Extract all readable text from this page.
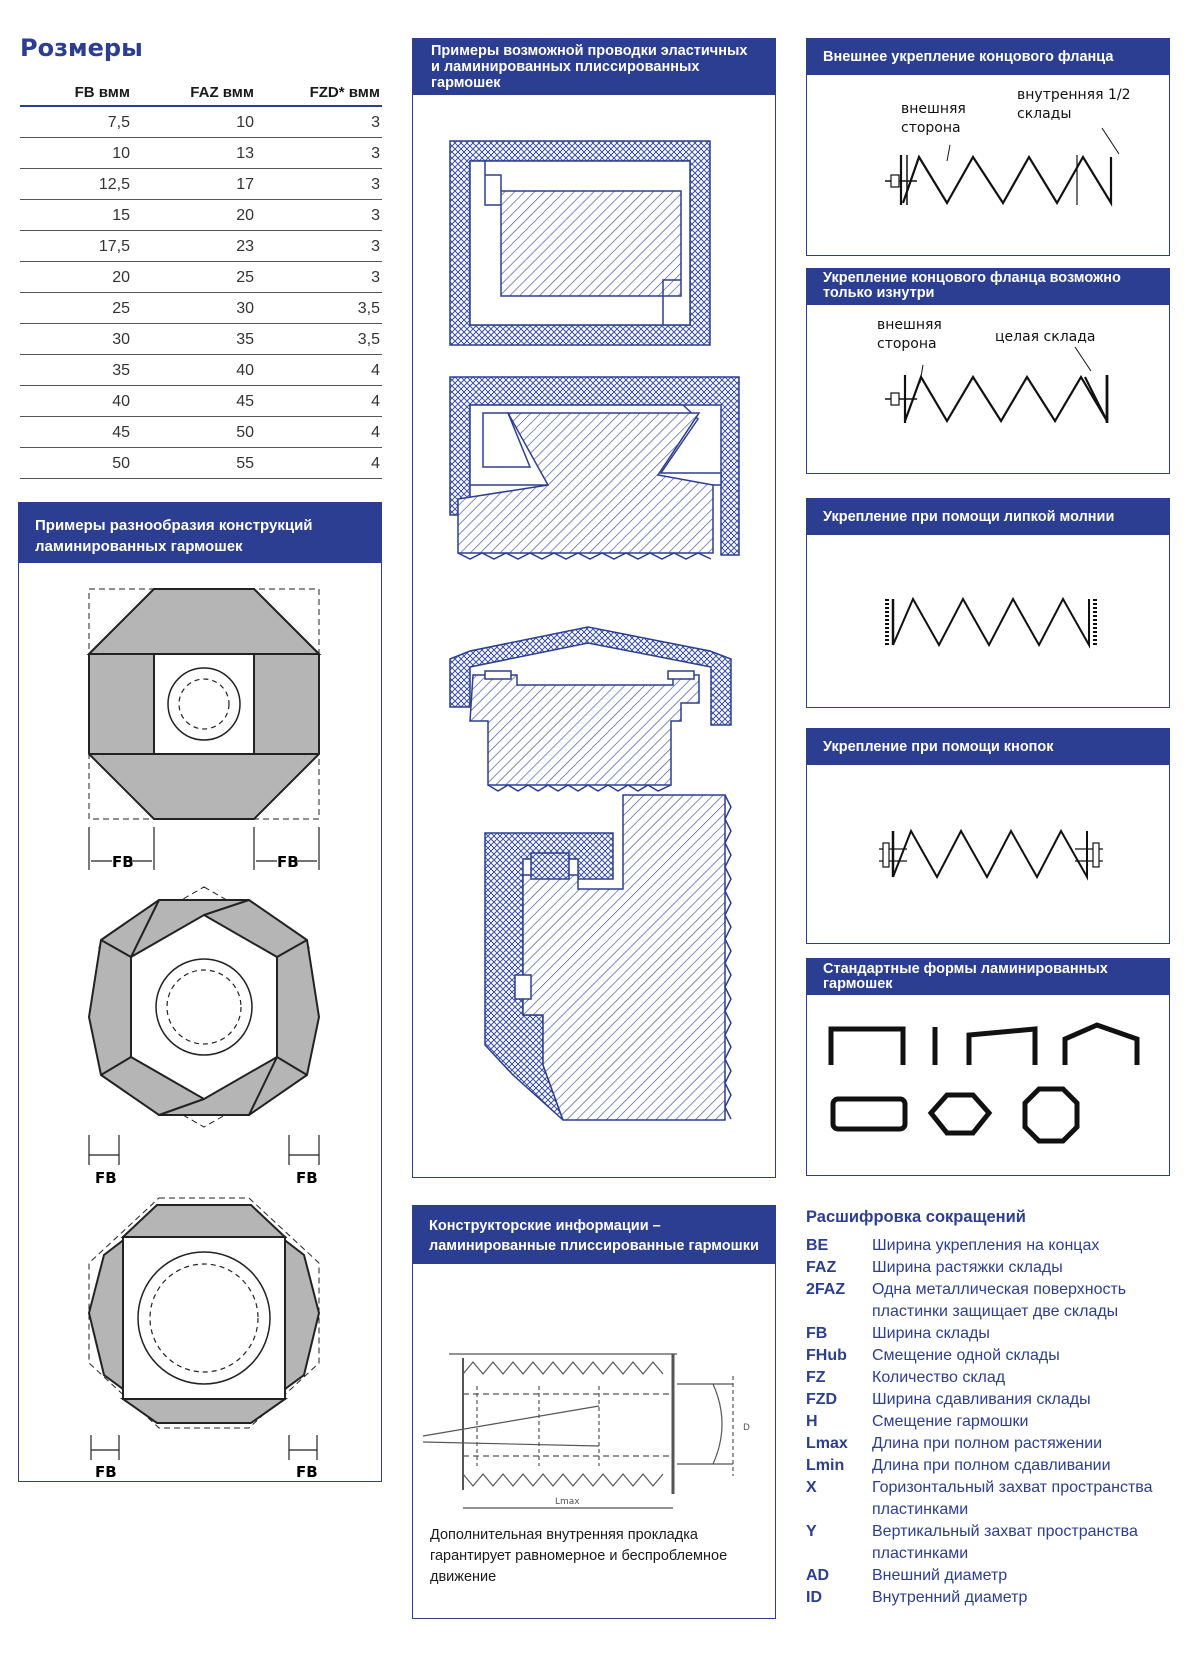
Розмеры
FB вмм	FAZ вмм	FZD* вмм
7,5	10	3
10	13	3
12,5	17	3
15	20	3
17,5	23	3
20	25	3
25	30	3,5
30	35	3,5
35	40	4
40	45	4
45	50	4
50	55	4
Примеры разнообразия конструкций ламинированных гармошек
FB	FB
FB	FB
FB	FB
Примеры возможной проводки эластичных и ламинированных плиссированных гармошек
Конструкторские информации – ламинированные плиссированные гармошки
D
Lmax
Дополнительная внутренняя прокладка гарантирует равномерное и беспроблемное движение
Внешнее укрепление концового фланца
внешняя
сторона
внутренняя 1/2
склады
Укрепление концового фланца возможно только изнутри
внешняя
сторона	целая склада
Укрепление при помощи липкой молнии
Укрепление при помощи кнопок
Стандартные формы ламинированных гармошек
Расшифровка сокращений
BE	Ширина укрепления на концах
FAZ	Ширина растяжки склады
2FAZ	Одна металлическая поверхность пластинки защищает две склады
FB	Ширина склады
FHub	Смещение одной склады
FZ	Количество склад
FZD	Ширина сдавливания склады
H	Смещение гармошки
Lmax	Длина при полном растяжении
Lmin	Длина при полном сдавливании
X	Горизонтальный захват пространства пластинками
Y	Вертикальный захват пространства пластинками
AD	Внешний диаметр
ID	Внутренний диаметр
